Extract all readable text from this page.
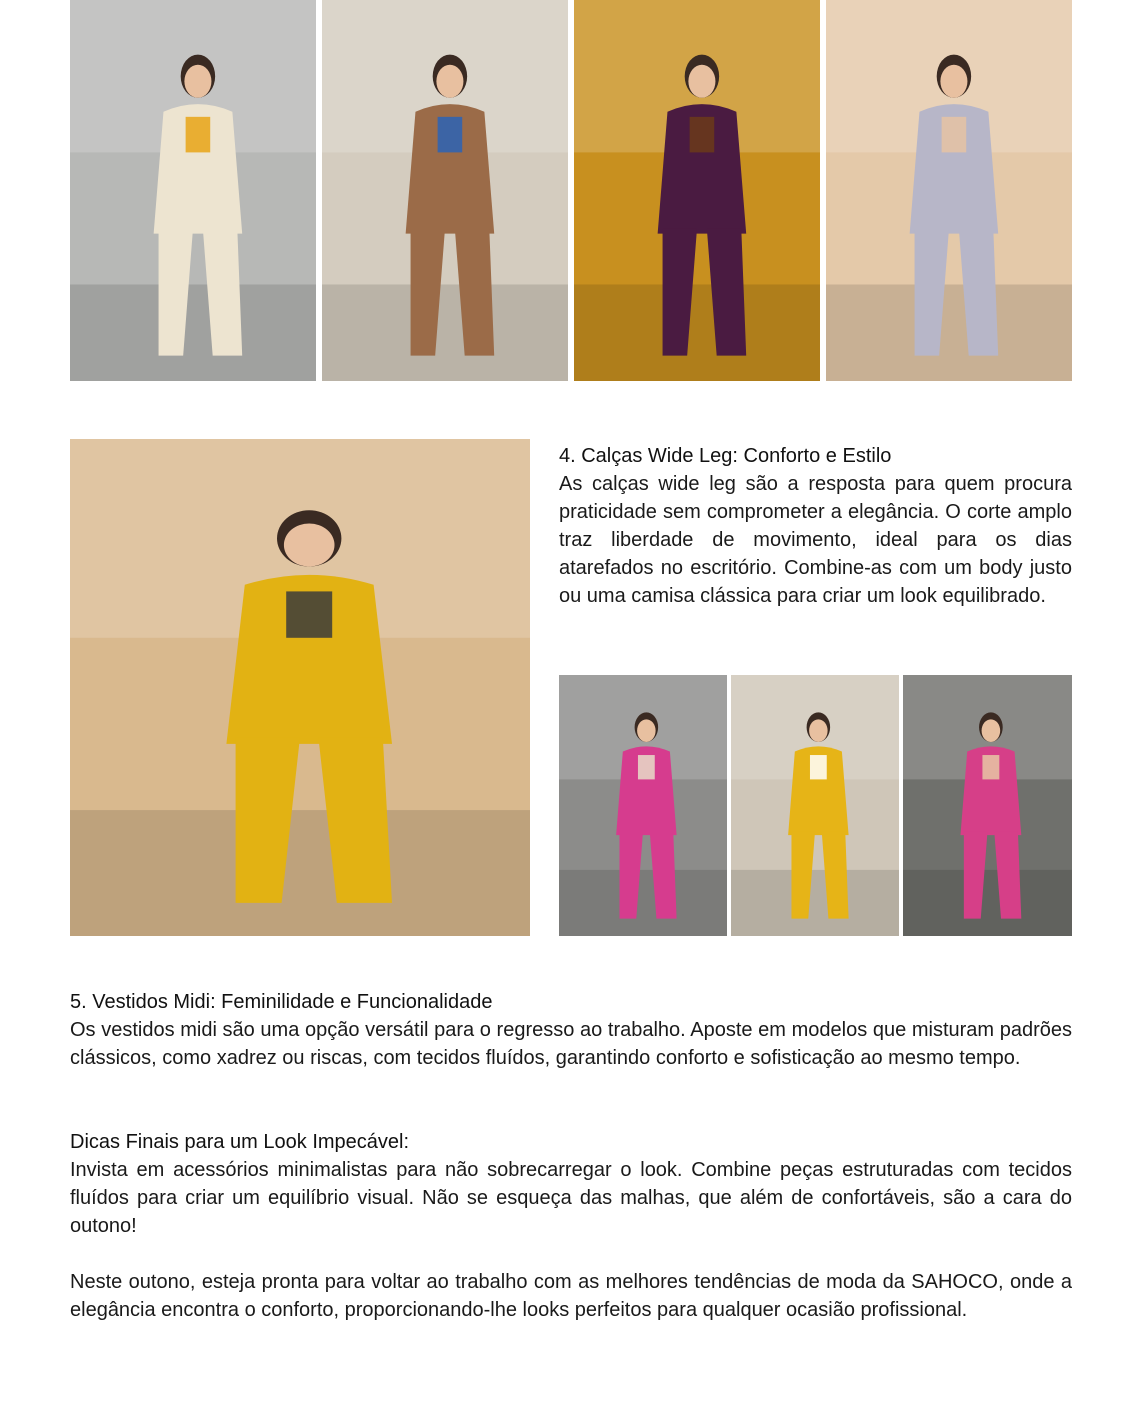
4. Calças Wide Leg: Conforto e Estilo

As calças wide leg são a resposta para quem procura praticidade sem comprometer a elegância. O corte amplo traz liberdade de movimento, ideal para os dias atarefados no escritório. Combine-as com um body justo ou uma camisa clássica para criar um look equilibrado.

5. Vestidos Midi: Feminilidade e Funcionalidade

Os vestidos midi são uma opção versátil para o regresso ao trabalho. Aposte em modelos que misturam padrões clássicos, como xadrez ou riscas, com tecidos fluídos, garantindo conforto e sofisticação ao mesmo tempo.

Dicas Finais para um Look Impecável:

Invista em acessórios minimalistas para não sobrecarregar o look. Combine peças estruturadas com tecidos fluídos para criar um equilíbrio visual. Não se esqueça das malhas, que além de confortáveis, são a cara do outono!

Neste outono, esteja pronta para voltar ao trabalho com as melhores tendências de moda da SAHOCO, onde a elegância encontra o conforto, proporcionando-lhe looks perfeitos para qualquer ocasião profissional.
